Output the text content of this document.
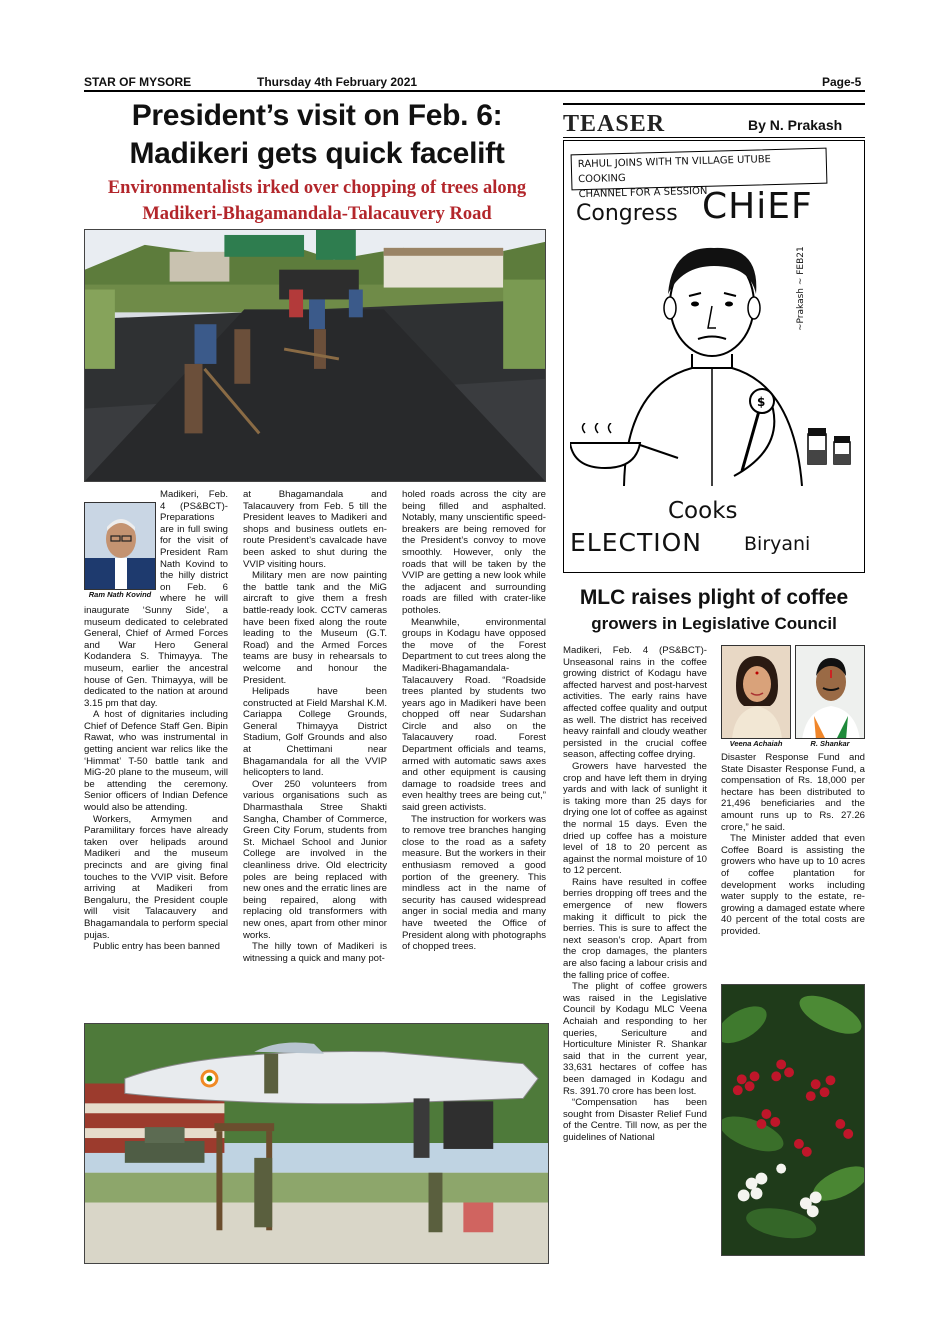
STAR OF MYSORE	Thursday 4th February 2021	Page-5
President’s visit on Feb. 6:
Madikeri gets quick facelift
Environmentalists irked over chopping of trees along
Madikeri-Bhagamandala-Talacauvery Road
Ram Nath Kovind

Madikeri, Feb. 4 (PS&BCT)- Preparations are in full swing for the visit of President Ram Nath Kovind to the hilly district on Feb. 6 where he will inaugurate ‘Sunny Side’, a museum dedicated to celebrated General, Chief of Armed Forces and War Hero General Kodandera S. Thimayya. The museum, earlier the ancestral house of Gen. Thimayya, will be dedicated to the nation at around 3.15 pm that day.

A host of dignitaries including Chief of Defence Staff Gen. Bipin Rawat, who was instrumental in getting ancient war relics like the ‘Himmat’ T-50 battle tank and MiG-20 plane to the museum, will be attending the ceremony. Senior officers of Indian Defence would also be attending.

Workers, Armymen and Paramilitary forces have already taken over helipads around Madikeri and the museum precincts and are giving final touches to the VVIP visit. Before arriving at Madikeri from Bengaluru, the President couple will visit Talacauvery and Bhagamandala to perform special pujas.

Public entry has been banned

at Bhagamandala and Talacauvery from Feb. 5 till the President leaves to Madikeri and shops and business outlets en-route President’s cavalcade have been asked to shut during the VVIP visiting hours.

Military men are now painting the battle tank and the MiG aircraft to give them a fresh battle-ready look. CCTV cameras have been fixed along the route leading to the Museum (G.T. Road) and the Armed Forces teams are busy in rehearsals to welcome and honour the President.

Helipads have been constructed at Field Marshal K.M. Cariappa College Grounds, General Thimayya District Stadium, Golf Grounds and also at Chettimani near Bhagamandala for all the VVIP helicopters to land.

Over 250 volunteers from various organisations such as Dharmasthala Stree Shakti Sangha, Chamber of Commerce, Green City Forum, students from St. Michael School and Junior College are involved in the cleanliness drive. Old electricity poles are being replaced with new ones and the erratic lines are being repaired, along with replacing old transformers with new ones, apart from other minor works.

The hilly town of Madikeri is witnessing a quick and many pot-

holed roads across the city are being filled and asphalted. Notably, many unscientific speed-breakers are being removed for the President’s convoy to move smoothly. However, only the roads that will be taken by the VVIP are getting a new look while the adjacent and surrounding roads are filled with crater-like potholes.

Meanwhile, environmental groups in Kodagu have opposed the move of the Forest Department to cut trees along the Madikeri-Bhagamandala-Talacauvery Road. “Roadside trees planted by students two years ago in Madikeri have been chopped off near Sudarshan Circle and also on the Talacauvery road. Forest Department officials and teams, armed with automatic saws axes and other equipment is causing damage to roadside trees and even healthy trees are being cut,” said green activists.

The instruction for workers was to remove tree branches hanging close to the road as a safety measure. But the workers in their enthusiasm removed a good portion of the greenery. This mindless act in the name of security has caused widespread anger in social media and many have tweeted the Office of President along with photographs of chopped trees.

TEASER	By N. Prakash
RAHUL JOINS WITH TN VILLAGE UTUBE COOKING
CHANNEL FOR A SESSION
Congress CHiEF
$
~Prakash ~ FEB21
Cooks
ELECTION Biryani
MLC raises plight of coffee
growers in Legislative Council

Madikeri, Feb. 4 (PS&BCT)- Unseasonal rains in the coffee growing district of Kodagu have affected harvest and post-harvest activities. The early rains have affected coffee quality and output as well. The district has received heavy rainfall and cloudy weather persisted in the crucial coffee season, affecting coffee drying.

Growers have harvested the crop and have left them in drying yards and with lack of sunlight it is taking more than 25 days for drying one lot of coffee as against the normal 15 days. Even the dried up coffee has a moisture level of 18 to 20 percent as against the normal moisture of 10 to 12 percent.

Rains have resulted in coffee berries dropping off trees and the emergence of new flowers making it difficult to pick the berries. This is sure to affect the next season’s crop. Apart from the crop damages, the planters are also facing a labour crisis and the falling price of coffee.

The plight of coffee growers was raised in the Legislative Council by Kodagu MLC Veena Achaiah and responding to her queries, Sericulture and Horticulture Minister R. Shankar said that in the current year, 33,631 hectares of coffee has been damaged in Kodagu and Rs. 391.70 crore has been lost.

“Compensation has been sought from Disaster Relief Fund of the Centre. Till now, as per the guidelines of National

Veena Achaiah	R. Shankar

Disaster Response Fund and State Disaster Response Fund, a compensation of Rs. 18,000 per hectare has been distributed to 21,496 beneficiaries and the amount runs up to Rs. 27.26 crore,” he said.

The Minister added that even Coffee Board is assisting the growers who have up to 10 acres of coffee plantation for development works including water supply to the estate, re-growing a damaged estate where 40 percent of the total costs are provided.
